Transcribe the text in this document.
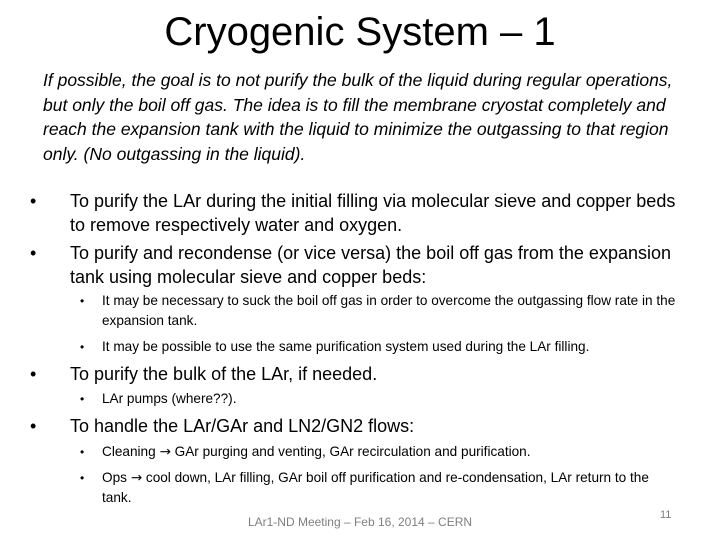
Cryogenic System – 1
If possible, the goal is to not purify the bulk of the liquid during regular operations, but only the boil off gas. The idea is to fill the membrane cryostat completely and reach the expansion tank with the liquid to minimize the outgassing to that region only. (No outgassing in the liquid).
• To purify the LAr during the initial filling via molecular sieve and copper beds to remove respectively water and oxygen.
• To purify and recondense (or vice versa) the boil off gas from the expansion tank using molecular sieve and copper beds:
• It may be necessary to suck the boil off gas in order to overcome the outgassing flow rate in the expansion tank.
• It may be possible to use the same purification system used during the LAr filling.
• To purify the bulk of the LAr, if needed.
• LAr pumps (where??).
• To handle the LAr/GAr and LN2/GN2 flows:
• Cleaning → GAr purging and venting, GAr recirculation and purification.
• Ops → cool down, LAr filling, GAr boil off purification and re-condensation, LAr return to the tank.
LAr1-ND Meeting – Feb 16, 2014 – CERN	11
